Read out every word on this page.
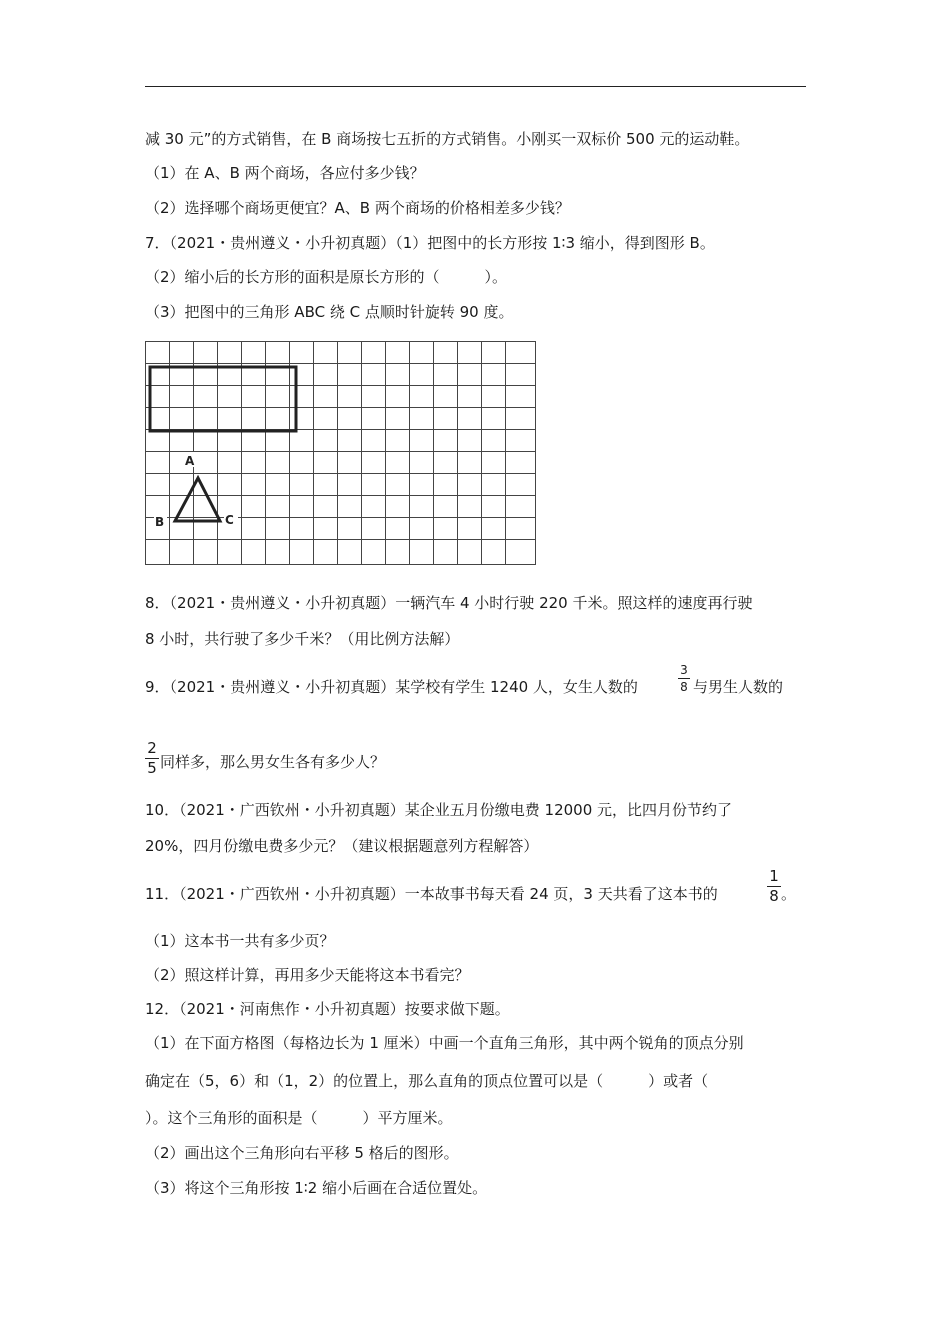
减 30 元”的方式销售，在 B 商场按七五折的方式销售。小刚买一双标价 500 元的运动鞋。
（1）在 A、B 两个商场，各应付多少钱？
（2）选择哪个商场更便宜？A、B 两个商场的价格相差多少钱？
7．（2021・贵州遵义・小升初真题）（1）把图中的长方形按 1∶3 缩小，得到图形 B。
（2）缩小后的长方形的面积是原长方形的（　　　）。
（3）把图中的三角形 ABC 绕 C 点顺时针旋转 90 度。
A
B	C
8．（2021・贵州遵义・小升初真题）一辆汽车 4 小时行驶 220 千米。照这样的速度再行驶
8 小时，共行驶了多少千米？（用比例方法解）
9．（2021・贵州遵义・小升初真题）某学校有学生 1240 人，女生人数的
3
8 与男生人数的
2
5 同样多，那么男女生各有多少人？
10．（2021・广西钦州・小升初真题）某企业五月份缴电费 12000 元，比四月份节约了
20%，四月份缴电费多少元？（建议根据题意列方程解答）
11．（2021・广西钦州・小升初真题）一本故事书每天看 24 页，3 天共看了这本书的
1
8 。
（1）这本书一共有多少页？
（2）照这样计算，再用多少天能将这本书看完？
12．（2021・河南焦作・小升初真题）按要求做下题。
（1）在下面方格图（每格边长为 1 厘米）中画一个直角三角形，其中两个锐角的顶点分别
确定在（5，6）和（1，2）的位置上，那么直角的顶点位置可以是（　　　）或者（
）。这个三角形的面积是（　　　）平方厘米。
（2）画出这个三角形向右平移 5 格后的图形。
（3）将这个三角形按 1∶2 缩小后画在合适位置处。
